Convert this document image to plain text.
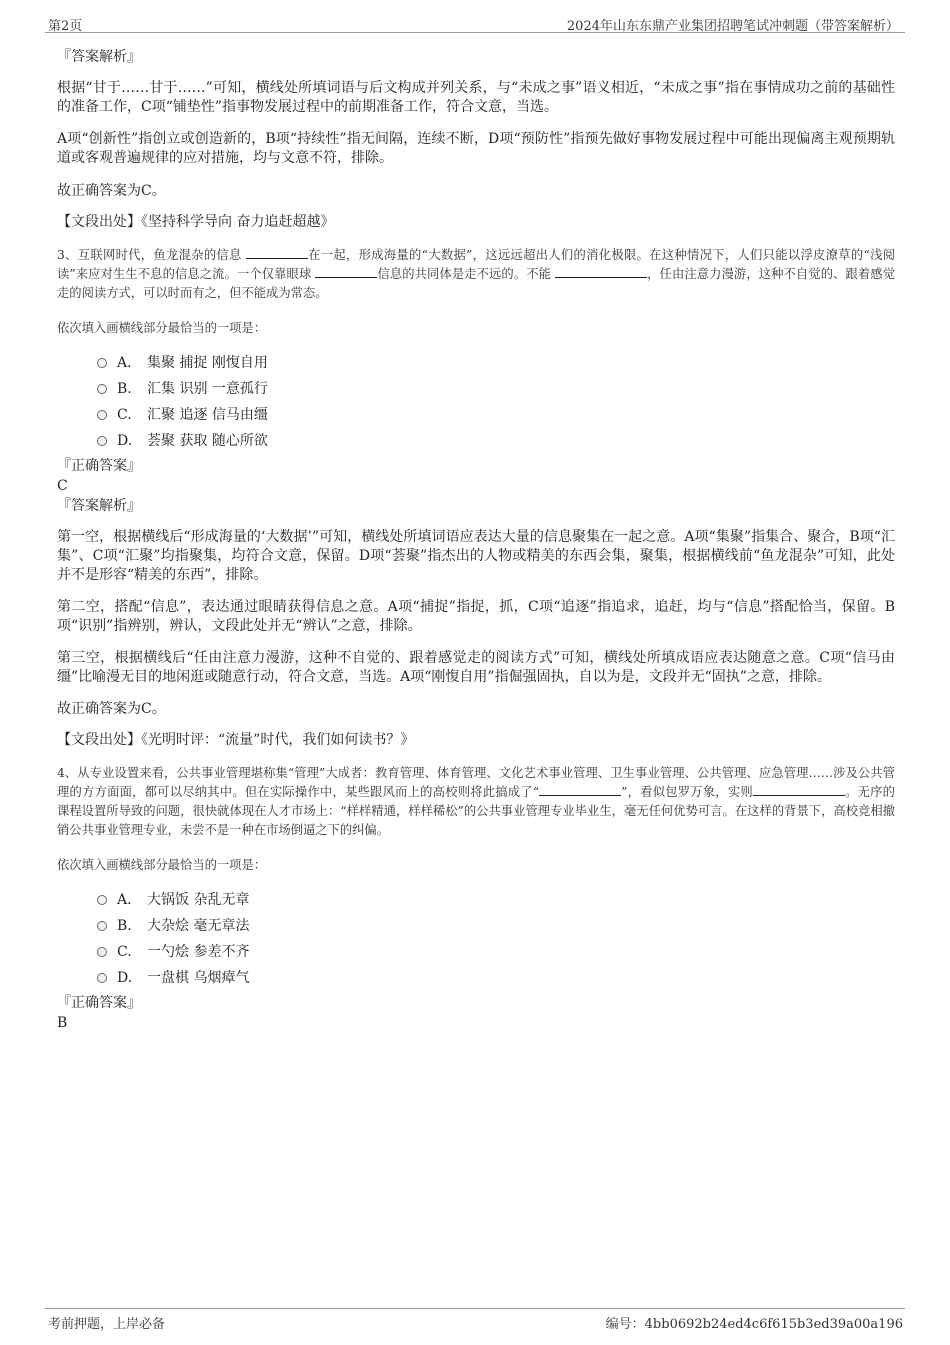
第2页	2024年山东东鼎产业集团招聘笔试冲刺题（带答案解析）

『答案解析』

根据“甘于……甘于……”可知，横线处所填词语与后文构成并列关系，与“未成之事”语义相近，“未成之事”指在事情成功之前的基础性的准备工作，C项“铺垫性”指事物发展过程中的前期准备工作，符合文意，当选。

A项“创新性”指创立或创造新的，B项“持续性”指无间隔，连续不断，D项“预防性”指预先做好事物发展过程中可能出现偏离主观预期轨道或客观普遍规律的应对措施，均与文意不符，排除。

故正确答案为C。

【文段出处】《坚持科学导向 奋力追赶超越》

3、互联网时代，鱼龙混杂的信息	在一起，形成海量的“大数据”，这远远超出人们的消化极限。在这种情况下，人们只能以浮皮潦草的“浅阅读”来应对生生不息的信息之流。一个仅靠眼球	信息的共同体是走不远的。不能	，任由注意力漫游，这种不自觉的、跟着感觉走的阅读方式，可以时而有之，但不能成为常态。

依次填入画横线部分最恰当的一项是：

A． 集聚 捕捉 刚愎自用
B. 汇集 识别 一意孤行
C. 汇聚 追逐 信马由缰
D. 荟聚 获取 随心所欲

『正确答案』

C

『答案解析』

第一空，根据横线后“形成海量的‘大数据’”可知，横线处所填词语应表达大量的信息聚集在一起之意。A项“集聚”指集合、聚合，B项“汇集”、C项“汇聚”均指聚集，均符合文意，保留。D项“荟聚”指杰出的人物或精美的东西会集，聚集，根据横线前“鱼龙混杂”可知，此处并不是形容“精美的东西”，排除。

第二空，搭配“信息”，表达通过眼睛获得信息之意。A项“捕捉”指捉，抓，C项“追逐”指追求，追赶，均与“信息”搭配恰当，保留。B项“识别”指辨别，辨认，文段此处并无“辨认”之意，排除。

第三空，根据横线后“任由注意力漫游，这种不自觉的、跟着感觉走的阅读方式”可知，横线处所填成语应表达随意之意。C项“信马由缰”比喻漫无目的地闲逛或随意行动，符合文意，当选。A项“刚愎自用”指倔强固执，自以为是，文段并无“固执”之意，排除。

故正确答案为C。

【文段出处】《光明时评：“流量”时代，我们如何读书？》

4、从专业设置来看，公共事业管理堪称集“管理”大成者：教育管理、体育管理、文化艺术事业管理、卫生事业管理、公共管理、应急管理……涉及公共管理的方方面面，都可以尽纳其中。但在实际操作中，某些跟风而上的高校则将此搞成了“	”，看似包罗万象，实则	。无序的课程设置所导致的问题，很快就体现在人才市场上：“样样精通，样样稀松”的公共事业管理专业毕业生，毫无任何优势可言。在这样的背景下，高校竞相撤销公共事业管理专业，未尝不是一种在市场倒逼之下的纠偏。

依次填入画横线部分最恰当的一项是：

A． 大锅饭 杂乱无章
B. 大杂烩 毫无章法
C. 一勺烩 参差不齐
D. 一盘棋 乌烟瘴气

『正确答案』

B

考前押题，上岸必备	编号：4bb0692b24ed4c6f615b3ed39a00a196
